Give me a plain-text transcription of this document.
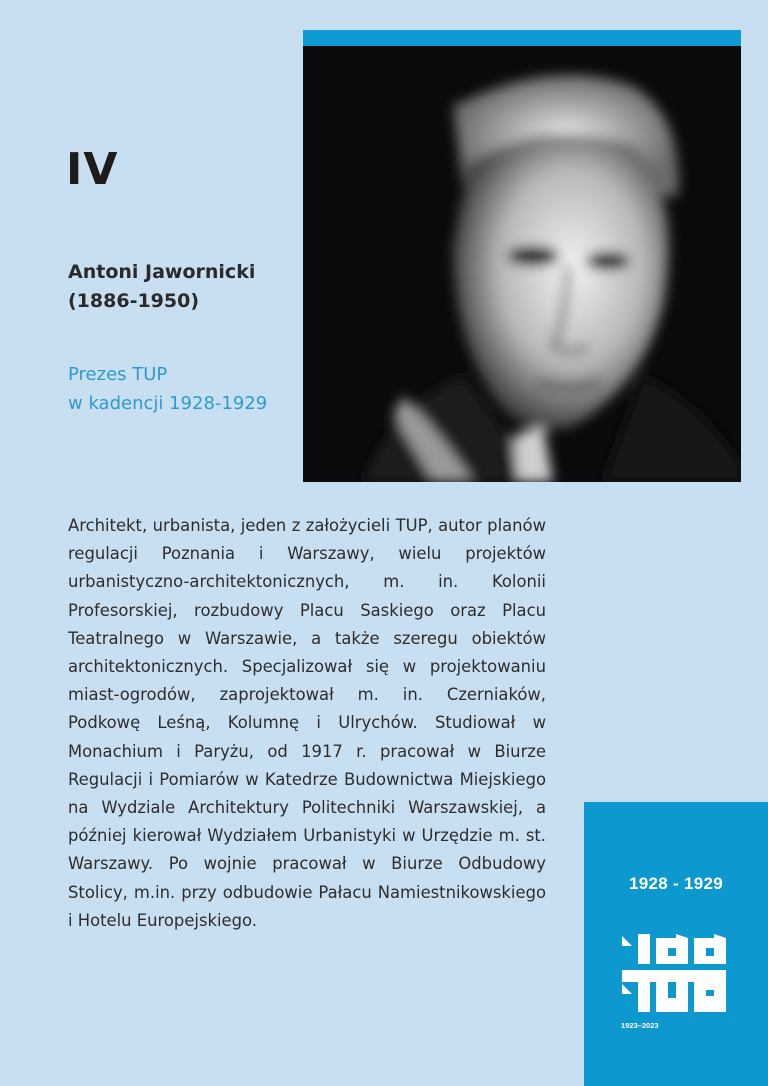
IV
Antoni Jawornicki
(1886-1950)
Prezes TUP
w kadencji 1928-1929
Architekt, urbanista, jeden z założycieli TUP, autor planów regulacji Poznania i Warszawy, wielu projektów urbanistyczno-architektonicznych, m. in. Kolonii Profesorskiej, rozbudowy Placu Saskiego oraz Placu Teatralnego w Warszawie, a także szeregu obiektów architektonicznych. Specjalizował się w projektowaniu miast-ogrodów, zaprojektował m. in. Czerniaków, Podkowę Leśną, Kolumnę i Ulrychów. Studiował w Monachium i Paryżu, od 1917 r. pracował w Biurze Regulacji i Pomiarów w Katedrze Budownictwa Miejskiego na Wydziale Architektury Politechniki Warszawskiej, a później kierował Wydziałem Urbanistyki w Urzędzie m. st. Warszawy. Po wojnie pracował w Biurze Odbudowy Stolicy, m.in. przy odbudowie Pałacu Namiestnikowskiego i Hotelu Europejskiego.
1928 - 1929
1923–2023
